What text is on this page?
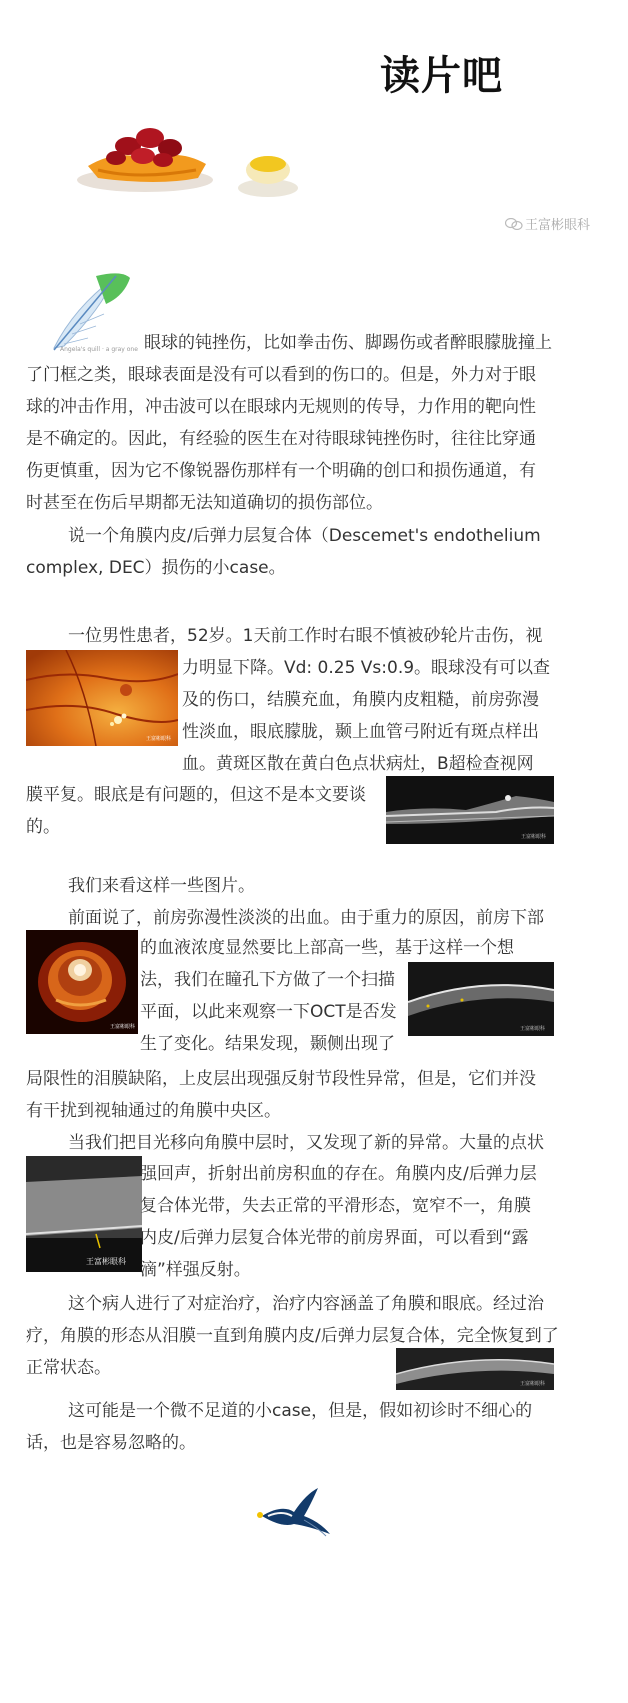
读片吧
王富彬眼科
Angela's quill · a gray one 眼球的钝挫伤，比如拳击伤、脚踢伤或者醉眼朦胧撞上
了门框之类，眼球表面是没有可以看到的伤口的。但是，外力对于眼
球的冲击作用，冲击波可以在眼球内无规则的传导，力作用的靶向性
是不确定的。因此，有经验的医生在对待眼球钝挫伤时，往往比穿通
伤更慎重，因为它不像锐器伤那样有一个明确的创口和损伤通道，有
时甚至在伤后早期都无法知道确切的损伤部位。
说一个角膜内皮/后弹力层复合体（Descemet's endothelium
complex, DEC）损伤的小case。
一位男性患者，52岁。1天前工作时右眼不慎被砂轮片击伤，视
王富彬眼科
力明显下降。Vd: 0.25 Vs:0.9。眼球没有可以查
及的伤口，结膜充血，角膜内皮粗糙，前房弥漫
性淡血，眼底朦胧，颞上血管弓附近有斑点样出
血。黄斑区散在黄白色点状病灶，B超检查视网
王富彬眼科
膜平复。眼底是有问题的，但这不是本文要谈
的。
我们来看这样一些图片。
前面说了，前房弥漫性淡淡的出血。由于重力的原因，前房下部
王富彬眼科
的血液浓度显然要比上部高一些，基于这样一个想
法，我们在瞳孔下方做了一个扫描
平面，以此来观察一下OCT是否发
生了变化。结果发现，颞侧出现了
王富彬眼科
局限性的泪膜缺陷，上皮层出现强反射节段性异常，但是，它们并没
有干扰到视轴通过的角膜中央区。
当我们把目光移向角膜中层时，又发现了新的异常。大量的点状
王富彬眼科
强回声，折射出前房积血的存在。角膜内皮/后弹力层
复合体光带，失去正常的平滑形态，宽窄不一，角膜
内皮/后弹力层复合体光带的前房界面，可以看到“露
滴”样强反射。
这个病人进行了对症治疗，治疗内容涵盖了角膜和眼底。经过治
疗，角膜的形态从泪膜一直到角膜内皮/后弹力层复合体，完全恢复到了
正常状态。
王富彬眼科
这可能是一个微不足道的小case，但是，假如初诊时不细心的
话，也是容易忽略的。
